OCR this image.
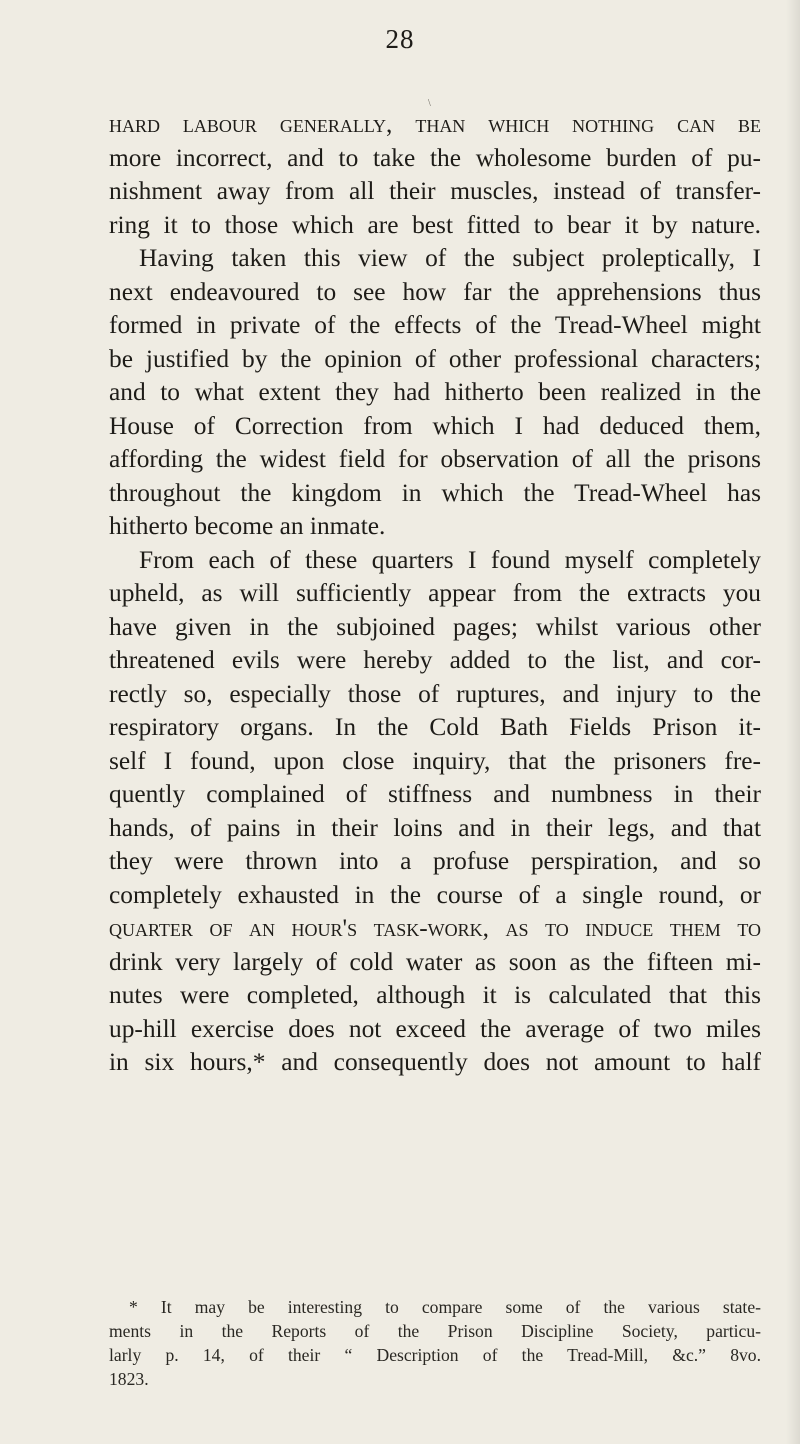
28
\
hard labour generally, than which nothing can be
more incorrect, and to take the wholesome burden of pu-
nishment away from all their muscles, instead of transfer-
ring it to those which are best fitted to bear it by nature.
Having taken this view of the subject proleptically, I
next endeavoured to see how far the apprehensions thus
formed in private of the effects of the Tread-Wheel might
be justified by the opinion of other professional characters;
and to what extent they had hitherto been realized in the
House of Correction from which I had deduced them,
affording the widest field for observation of all the prisons
throughout the kingdom in which the Tread-Wheel has
hitherto become an inmate.
From each of these quarters I found myself completely
upheld, as will sufficiently appear from the extracts you
have given in the subjoined pages; whilst various other
threatened evils were hereby added to the list, and cor-
rectly so, especially those of ruptures, and injury to the
respiratory organs. In the Cold Bath Fields Prison it-
self I found, upon close inquiry, that the prisoners fre-
quently complained of stiffness and numbness in their
hands, of pains in their loins and in their legs, and that
they were thrown into a profuse perspiration, and so
completely exhausted in the course of a single round, or
quarter of an hour's task-work, as to induce them to
drink very largely of cold water as soon as the fifteen mi-
nutes were completed, although it is calculated that this
up-hill exercise does not exceed the average of two miles
in six hours,* and consequently does not amount to half
* It may be interesting to compare some of the various state-
ments in the Reports of the Prison Discipline Society, particu-
larly p. 14, of their “ Description of the Tread-Mill, &c.” 8vo.
1823.
